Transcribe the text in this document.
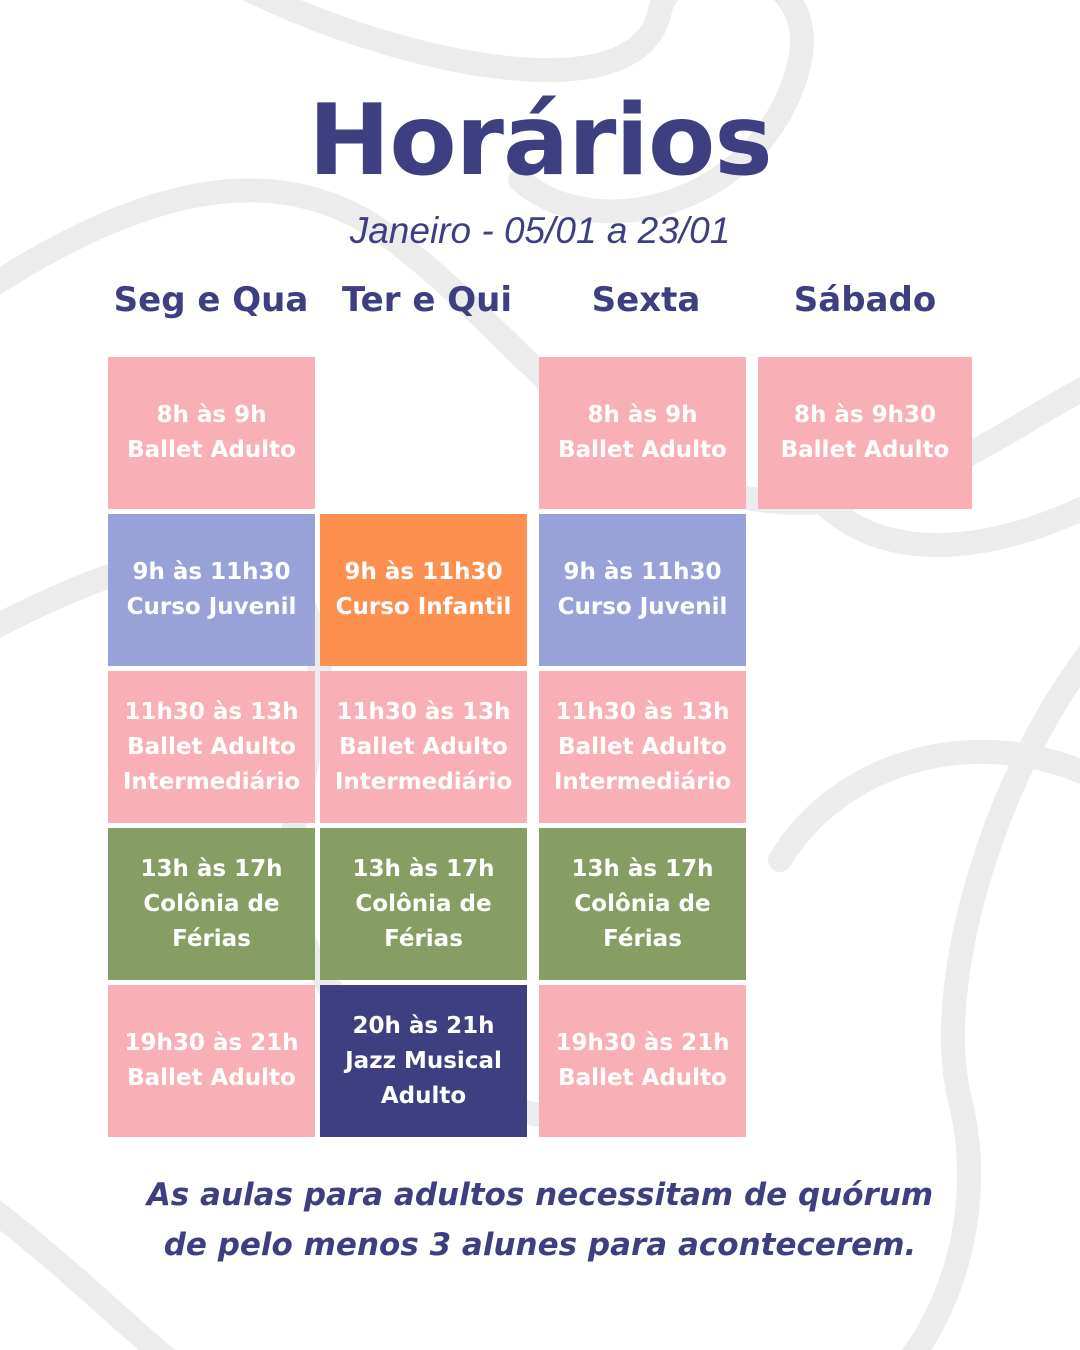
Horários
Janeiro - 05/01 a 23/01
Seg e Qua Ter e Qui	Sexta	Sábado
8h às 9h
Ballet Adulto
9h às 11h30
Curso Juvenil
11h30 às 13h
Ballet Adulto
Intermediário
13h às 17h
Colônia de
Férias
19h30 às 21h
Ballet Adulto
9h às 11h30
Curso Infantil
11h30 às 13h
Ballet Adulto
Intermediário
13h às 17h
Colônia de
Férias
20h às 21h
Jazz Musical
Adulto
8h às 9h
Ballet Adulto
9h às 11h30
Curso Juvenil
11h30 às 13h
Ballet Adulto
Intermediário
13h às 17h
Colônia de
Férias
19h30 às 21h
Ballet Adulto
8h às 9h30
Ballet Adulto
As aulas para adultos necessitam de quórum
de pelo menos 3 alunes para acontecerem.
